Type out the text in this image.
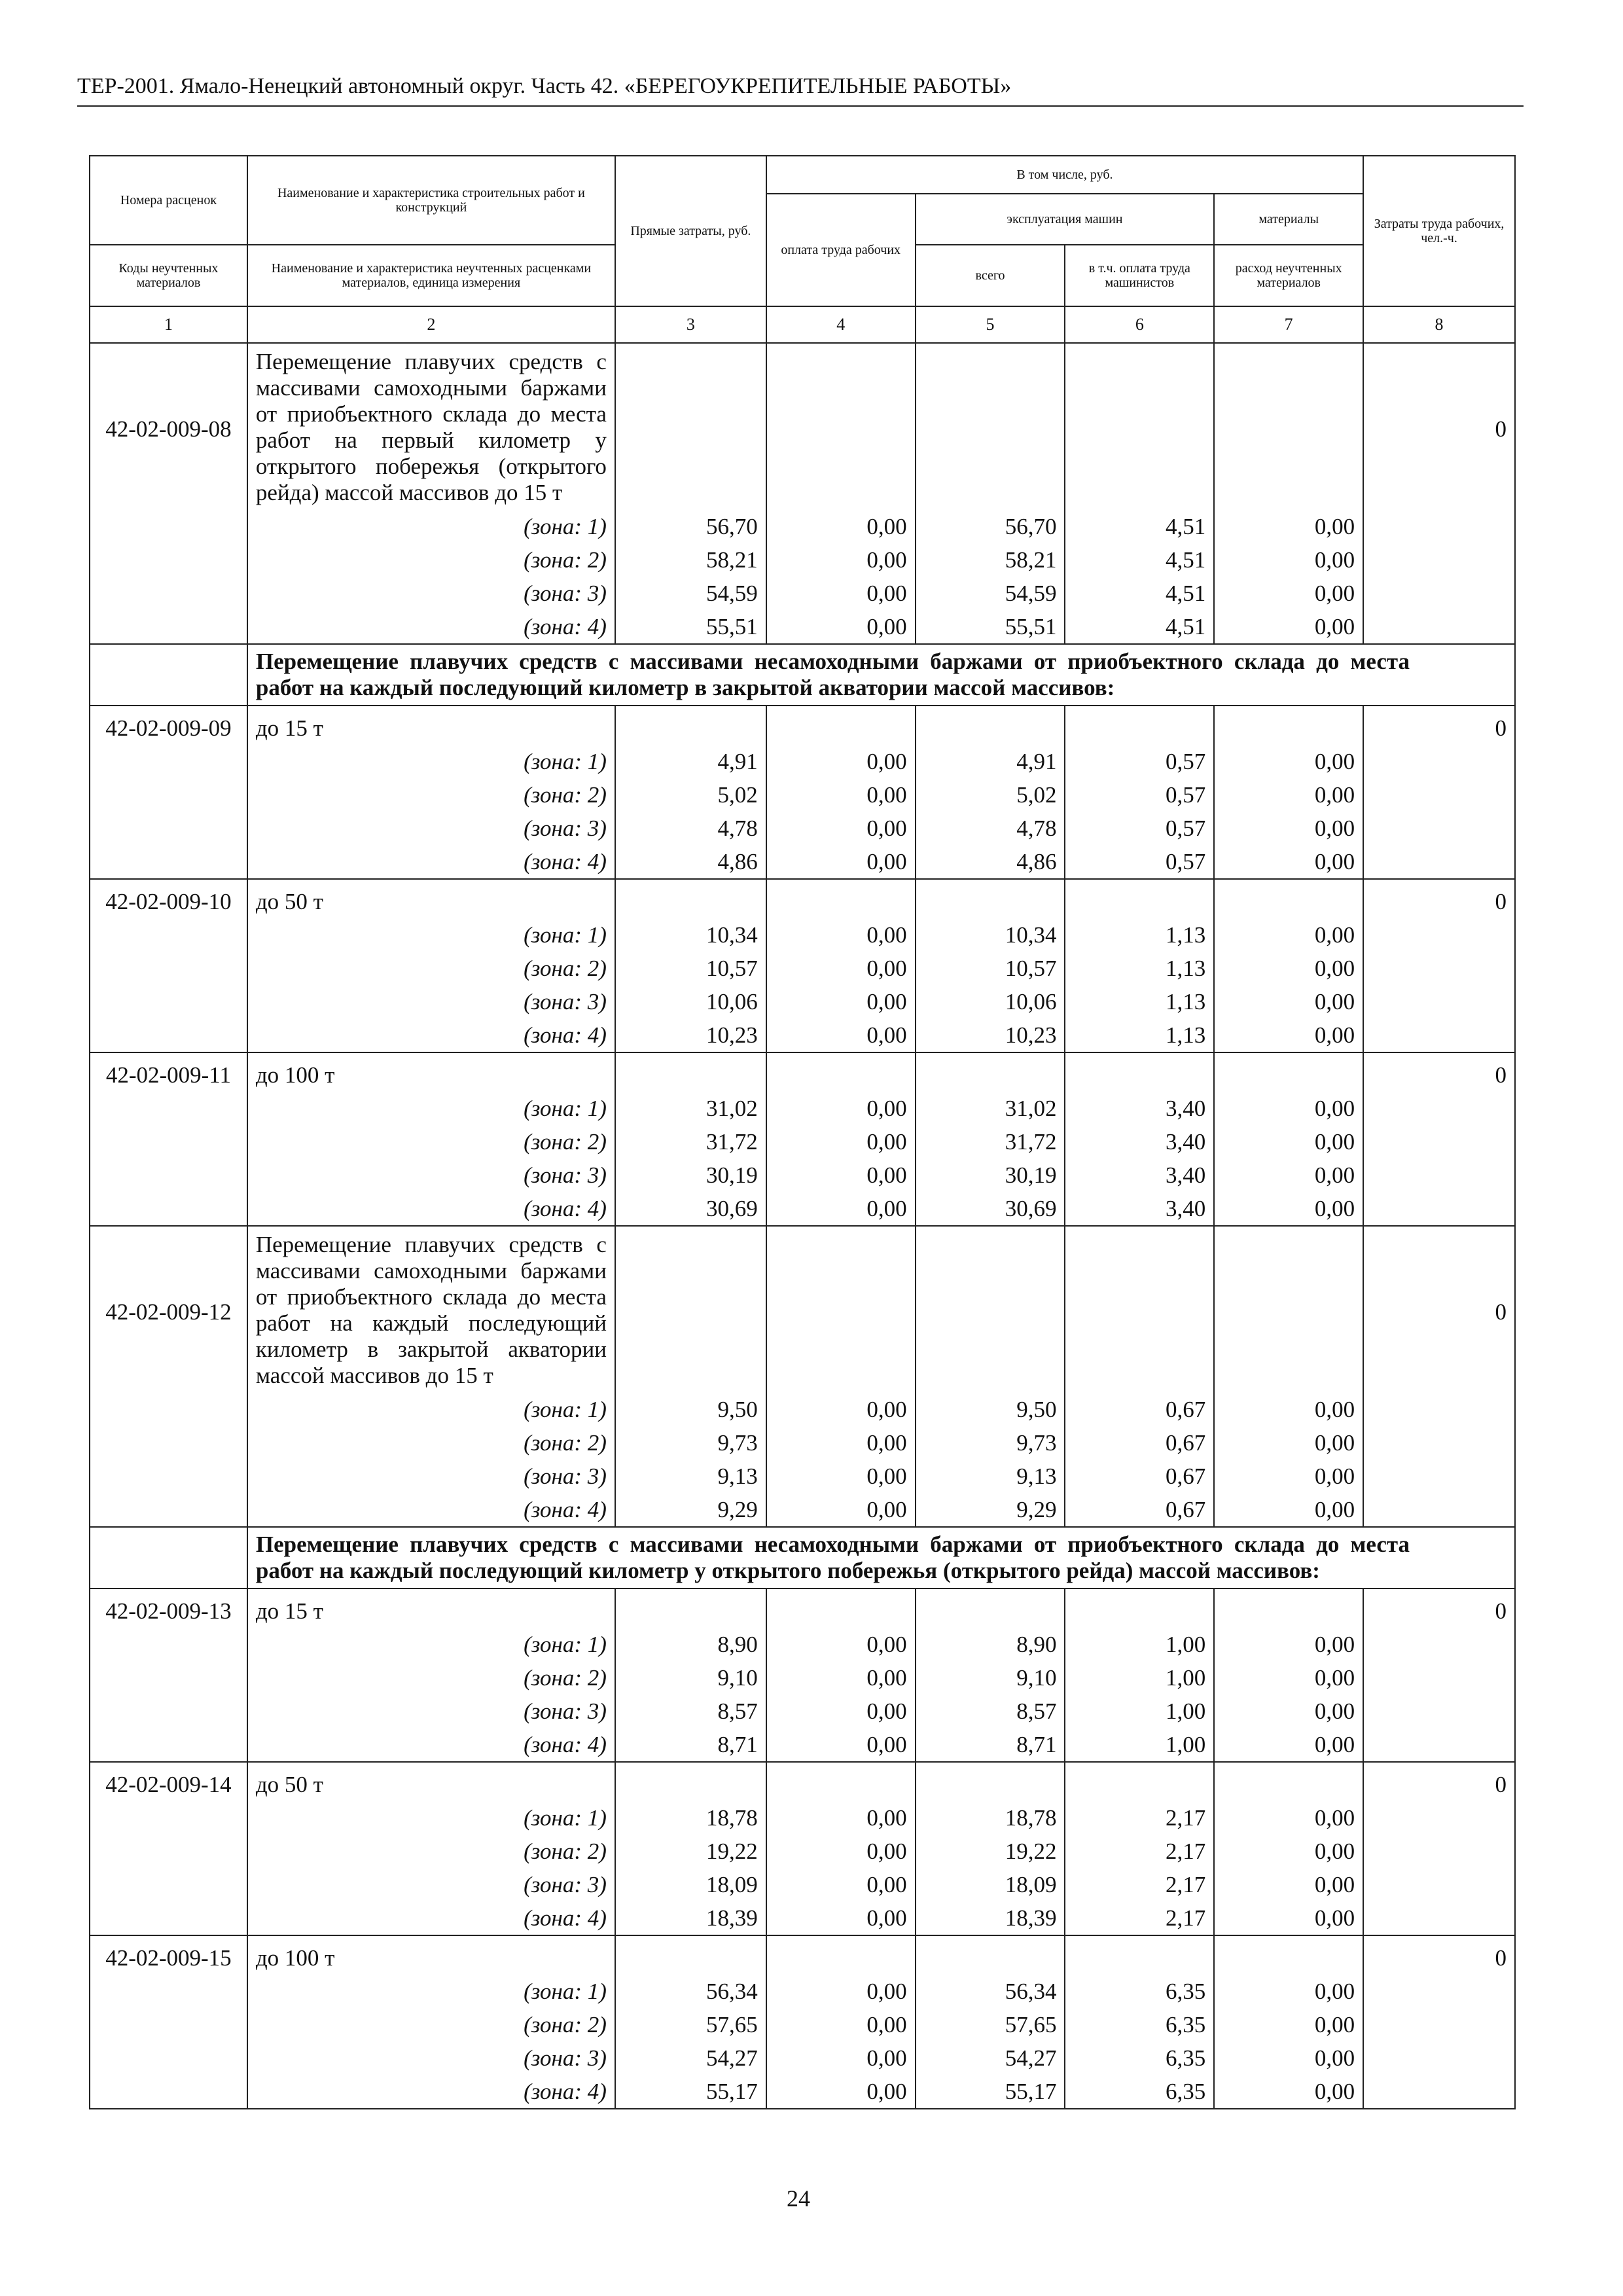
ТЕР-2001. Ямало-Ненецкий автономный округ. Часть 42. «БЕРЕГОУКРЕПИТЕЛЬНЫЕ РАБОТЫ»
Номера расценок	Наименование и характеристика строительных работ и конструкций	Прямые затраты, руб.	В том числе, руб.				Затраты труда рабочих, чел.-ч.
			оплата труда рабочих	эксплуатация машин		материалы	
Коды неучтенных материалов	Наименование и характеристика неучтенных расценками материалов, единица измерения			всего	в т.ч. оплата труда машинистов	расход неучтенных материалов	
1	2	3	4	5	6	7	8
42-02-009-08	Перемещение плавучих средств с массивами самоходными баржами от приобъектного склада до места работ на первый километр у открытого побережья (открытого рейда) массой массивов до 15 т						0
	(зона: 1)	56,70	0,00	56,70	4,51	0,00	
	(зона: 2)	58,21	0,00	58,21	4,51	0,00	
	(зона: 3)	54,59	0,00	54,59	4,51	0,00	
	(зона: 4)	55,51	0,00	55,51	4,51	0,00	
	Перемещение плавучих средств с массивами несамоходными баржами от приобъектного склада до места работ на каждый последующий километр в закрытой акватории массой массивов:						
42-02-009-09	до 15 т						0
	(зона: 1)	4,91	0,00	4,91	0,57	0,00	
	(зона: 2)	5,02	0,00	5,02	0,57	0,00	
	(зона: 3)	4,78	0,00	4,78	0,57	0,00	
	(зона: 4)	4,86	0,00	4,86	0,57	0,00	
42-02-009-10	до 50 т						0
	(зона: 1)	10,34	0,00	10,34	1,13	0,00	
	(зона: 2)	10,57	0,00	10,57	1,13	0,00	
	(зона: 3)	10,06	0,00	10,06	1,13	0,00	
	(зона: 4)	10,23	0,00	10,23	1,13	0,00	
42-02-009-11	до 100 т						0
	(зона: 1)	31,02	0,00	31,02	3,40	0,00	
	(зона: 2)	31,72	0,00	31,72	3,40	0,00	
	(зона: 3)	30,19	0,00	30,19	3,40	0,00	
	(зона: 4)	30,69	0,00	30,69	3,40	0,00	
42-02-009-12	Перемещение плавучих средств с массивами самоходными баржами от приобъектного склада до места работ на каждый последующий километр в закрытой акватории массой массивов до 15 т						0
	(зона: 1)	9,50	0,00	9,50	0,67	0,00	
	(зона: 2)	9,73	0,00	9,73	0,67	0,00	
	(зона: 3)	9,13	0,00	9,13	0,67	0,00	
	(зона: 4)	9,29	0,00	9,29	0,67	0,00	
	Перемещение плавучих средств с массивами несамоходными баржами от приобъектного склада до места работ на каждый последующий километр у открытого побережья (открытого рейда) массой массивов:						
42-02-009-13	до 15 т						0
	(зона: 1)	8,90	0,00	8,90	1,00	0,00	
	(зона: 2)	9,10	0,00	9,10	1,00	0,00	
	(зона: 3)	8,57	0,00	8,57	1,00	0,00	
	(зона: 4)	8,71	0,00	8,71	1,00	0,00	
42-02-009-14	до 50 т						0
	(зона: 1)	18,78	0,00	18,78	2,17	0,00	
	(зона: 2)	19,22	0,00	19,22	2,17	0,00	
	(зона: 3)	18,09	0,00	18,09	2,17	0,00	
	(зона: 4)	18,39	0,00	18,39	2,17	0,00	
42-02-009-15	до 100 т						0
	(зона: 1)	56,34	0,00	56,34	6,35	0,00	
	(зона: 2)	57,65	0,00	57,65	6,35	0,00	
	(зона: 3)	54,27	0,00	54,27	6,35	0,00	
	(зона: 4)	55,17	0,00	55,17	6,35	0,00	
24
